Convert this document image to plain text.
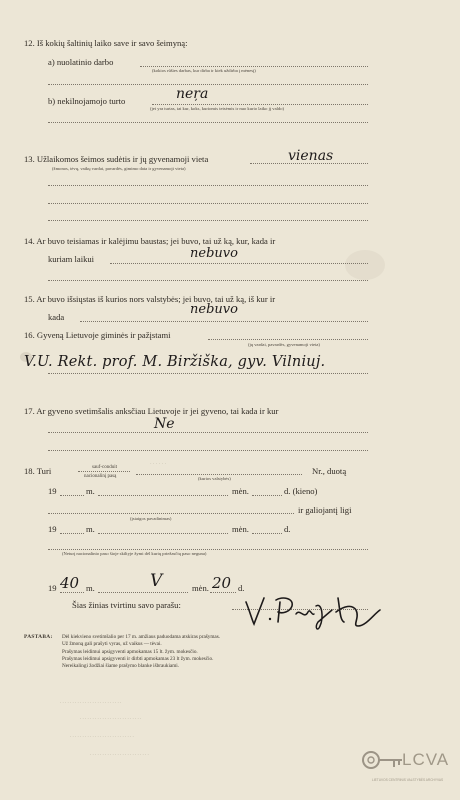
12. Iš kokių šaltinių laiko save ir savo šeimyną:
a) nuolatinio darbo
(kokios rūšies darbas, kur dirba ir kiek uždirba į mėnesį)
b) nekilnojamojo turto	neŗa
(jei yra turtas, tai kur, koks, kuriomis teisėmis ir nuo kurio laiko jį valdo)
13. Užlaikomos šeimos sudėtis ir jų gyvenamoji vieta	vienas
(žmonos, tėvų, vaikų vardai, pavardės, gimimo data ir gyvenamoji vieta)
14. Ar buvo teisiamas ir kalėjimu baustas; jei buvo, tai už ką, kur, kada ir
kuriam laikui	nebuvo
15. Ar buvo išsiųstas iš kurios nors valstybės; jei buvo, tai už ką, iš kur ir
kada	nebuvo
16. Gyveną Lietuvoje giminės ir pažįstami
(jų vardai, pavardės, gyvenamoji vieta)
V.U. Rekt. prof. M. Biržiška, gyv. Vilniuj.
17. Ar gyveno svetimšalis anksčiau Lietuvoje ir jei gyveno, tai kada ir kur
Ne
18. Turi	sauf-conduit
nacionalinį pasą	(kurios valstybės)
Nr., duotą
· · · · · ·
19	m.	mėn.	d. (kieno)
ir galiojantį ligi
(įstaigos pavadinimas)
19	m.	mėn.	d.
(Neturį nacionalinio paso šioje skiltyje žymi dėl kurių priežasčių paso neguna)
19 40 m.	V	mėn. 20 d.
Šias žinias tvirtinu savo parašu:
PASTABA: Dėl kiekvieno svetimšalio per 17 m. amžiaus paduodama atskiras prašymas.
Už žmoną gali prašyti vyras, už vaikus — tėvai.
Prašymas leidimui apsigyventi apmokamas 15 lt. žym. mokesčio.
Prašymas leidimui apsigyventi ir dirbti apmokamas 23 lt žym. mokesčio.
Nereikalingi žodžiai šiame prašymo blanke išbraukiami.
. . . . . . . . . . . . . . . . . . . . . . . . .
. . . . . . . . . . . . . . . . . . . . . . . . .
. . . . . . . . . . . . . . . . . . . . . . . . . .
. . . . . . . . . . . . . . . . . . . . . . . .	LCVA
LIETUVOS CENTRINIS VALSTYBĖS ARCHYVAS
